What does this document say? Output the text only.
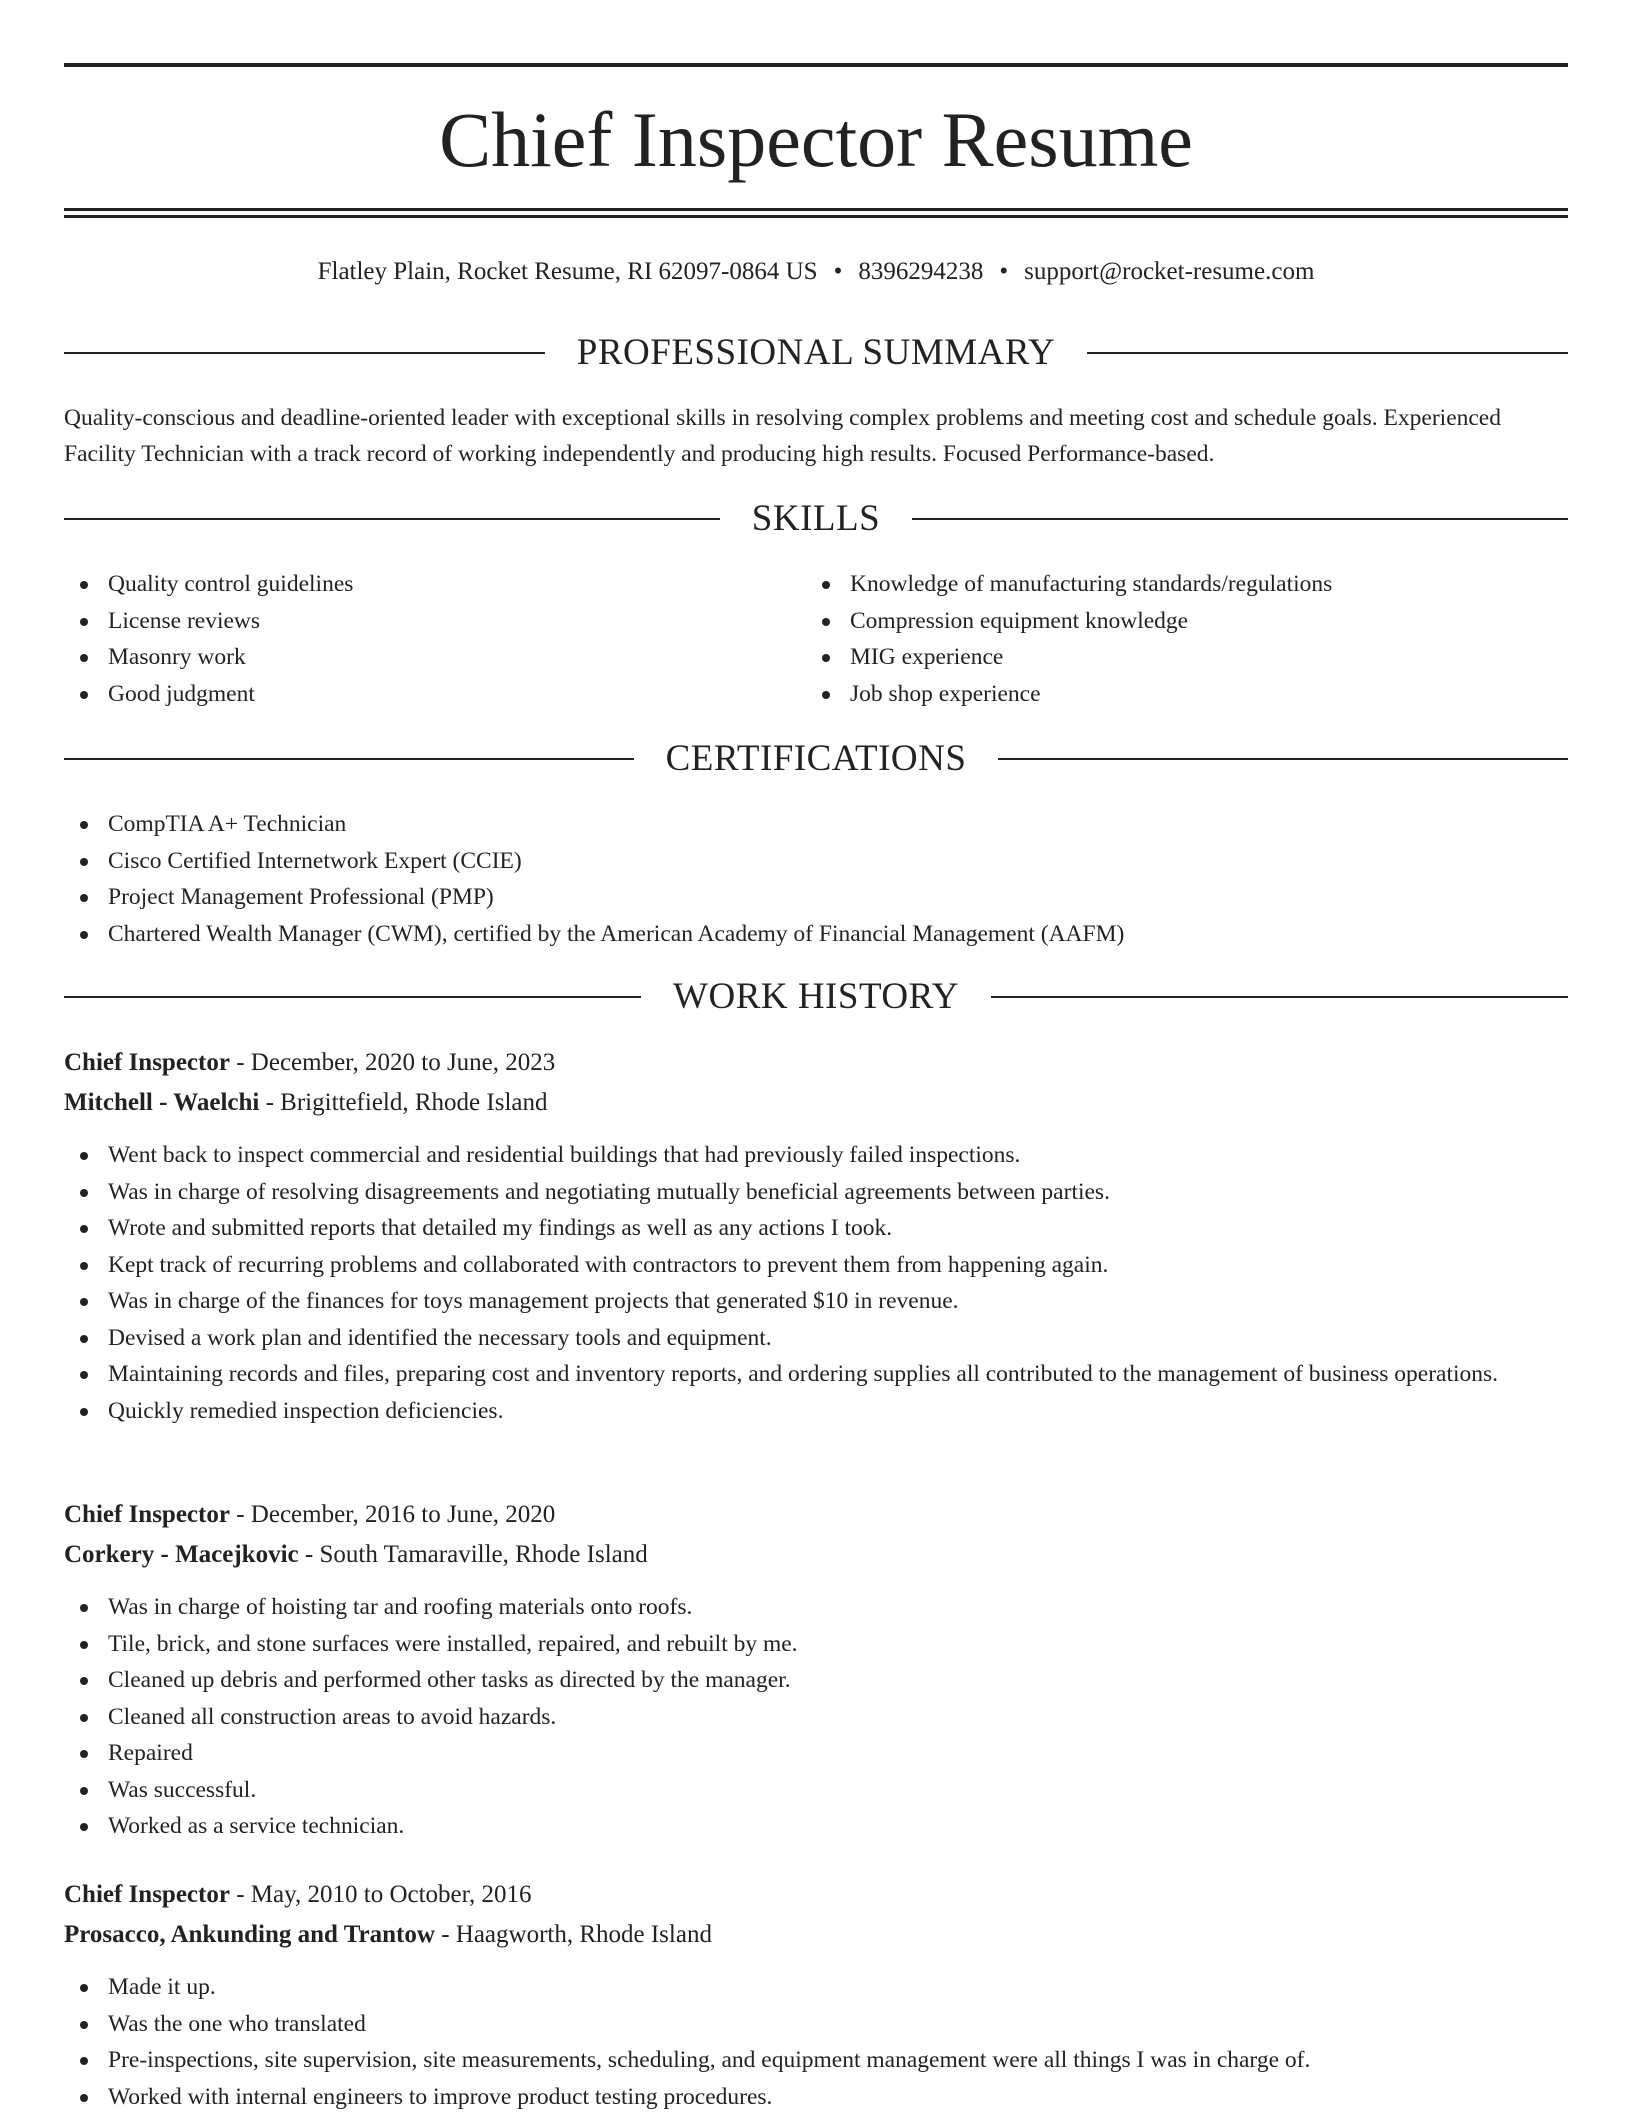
Chief Inspector Resume
Flatley Plain, Rocket Resume, RI 62097-0864 US • 8396294238 • support@rocket-resume.com
PROFESSIONAL SUMMARY

Quality-conscious and deadline-oriented leader with exceptional skills in resolving complex problems and meeting cost and schedule goals. Experienced Facility Technician with a track record of working independently and producing high results. Focused Performance-based.

SKILLS
Quality control guidelines
License reviews
Masonry work
Good judgment
Knowledge of manufacturing standards/regulations
Compression equipment knowledge
MIG experience
Job shop experience
CERTIFICATIONS
CompTIA A+ Technician
Cisco Certified Internetwork Expert (CCIE)
Project Management Professional (PMP)
Chartered Wealth Manager (CWM), certified by the American Academy of Financial Management (AAFM)
WORK HISTORY
Chief Inspector - December, 2020 to June, 2023
Mitchell - Waelchi - Brigittefield, Rhode Island
Went back to inspect commercial and residential buildings that had previously failed inspections.
Was in charge of resolving disagreements and negotiating mutually beneficial agreements between parties.
Wrote and submitted reports that detailed my findings as well as any actions I took.
Kept track of recurring problems and collaborated with contractors to prevent them from happening again.
Was in charge of the finances for toys management projects that generated $10 in revenue.
Devised a work plan and identified the necessary tools and equipment.
Maintaining records and files, preparing cost and inventory reports, and ordering supplies all contributed to the management of business operations.
Quickly remedied inspection deficiencies.
Chief Inspector - December, 2016 to June, 2020
Corkery - Macejkovic - South Tamaraville, Rhode Island
Was in charge of hoisting tar and roofing materials onto roofs.
Tile, brick, and stone surfaces were installed, repaired, and rebuilt by me.
Cleaned up debris and performed other tasks as directed by the manager.
Cleaned all construction areas to avoid hazards.
Repaired
Was successful.
Worked as a service technician.
Chief Inspector - May, 2010 to October, 2016
Prosacco, Ankunding and Trantow - Haagworth, Rhode Island
Made it up.
Was the one who translated
Pre-inspections, site supervision, site measurements, scheduling, and equipment management were all things I was in charge of.
Worked with internal engineers to improve product testing procedures.
